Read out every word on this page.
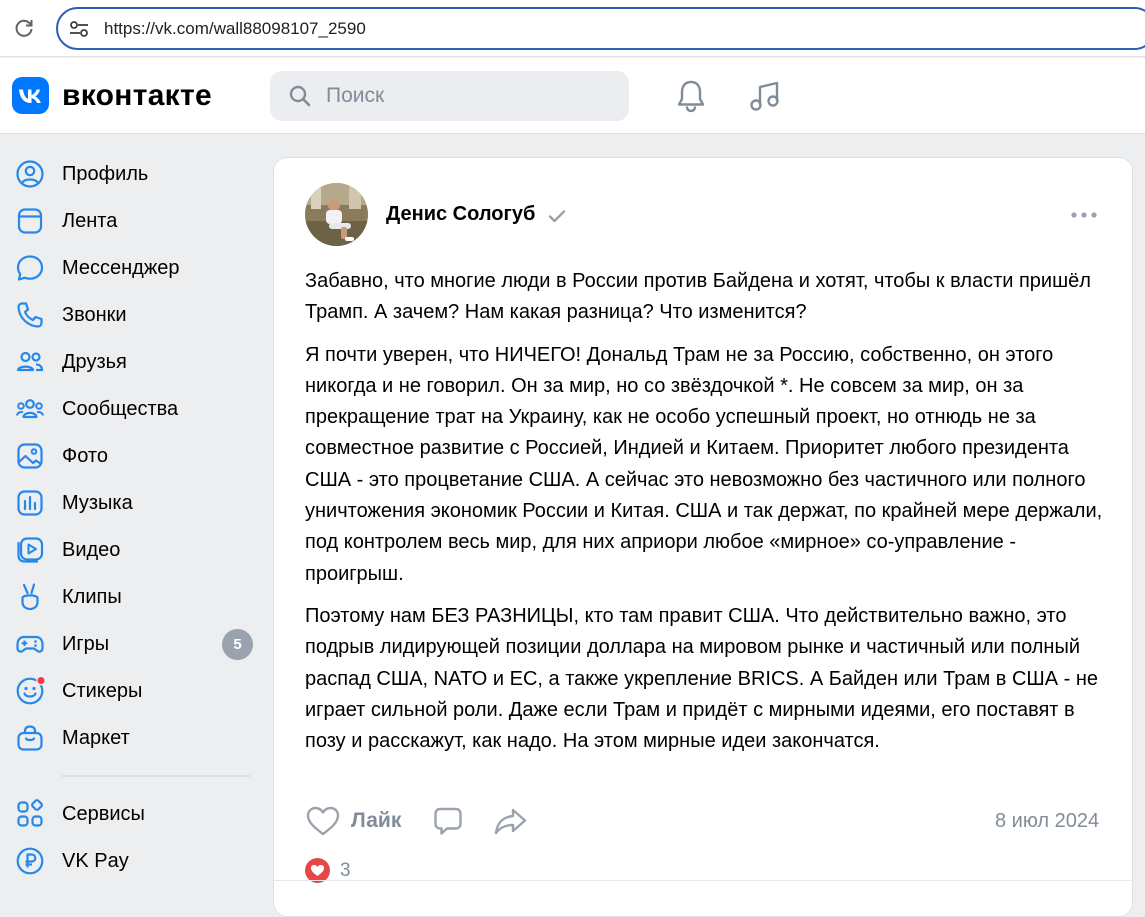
https://vk.com/wall88098107_2590
вконтакте	Поиск
Профиль
Лента
Мессенджер
Звонки
Друзья
Сообщества
Фото
Музыка
Видео
Клипы
Игры	5
Стикеры
Маркет
Сервисы
VK Pay
Денис Сологуб

Забавно, что многие люди в России против Байдена и хотят, чтобы к власти пришёл Трамп. А зачем? Нам какая разница? Что изменится?

Я почти уверен, что НИЧЕГО! Дональд Трам не за Россию, собственно, он этого никогда и не говорил. Он за мир, но со звёздочкой *. Не совсем за мир, он за прекращение трат на Украину, как не особо успешный проект, но отнюдь не за совместное развитие с Россией, Индией и Китаем. Приоритет любого президента США - это процветание США. А сейчас это невозможно без частичного или полного уничтожения экономик России и Китая. США и так держат, по крайней мере держали, под контролем весь мир, для них априори любое «мирное» со-управление - проигрыш.

Поэтому нам БЕЗ РАЗНИЦЫ, кто там правит США. Что действительно важно, это подрыв лидирующей позиции доллара на мировом рынке и частичный или полный распад США, NATO и ЕС, а также укрепление BRICS. А Байден или Трам в США - не играет сильной роли. Даже если Трам и придёт с мирными идеями, его поставят в позу и расскажут, как надо. На этом мирные идеи закончатся.

Лайк	8 июл 2024
3
